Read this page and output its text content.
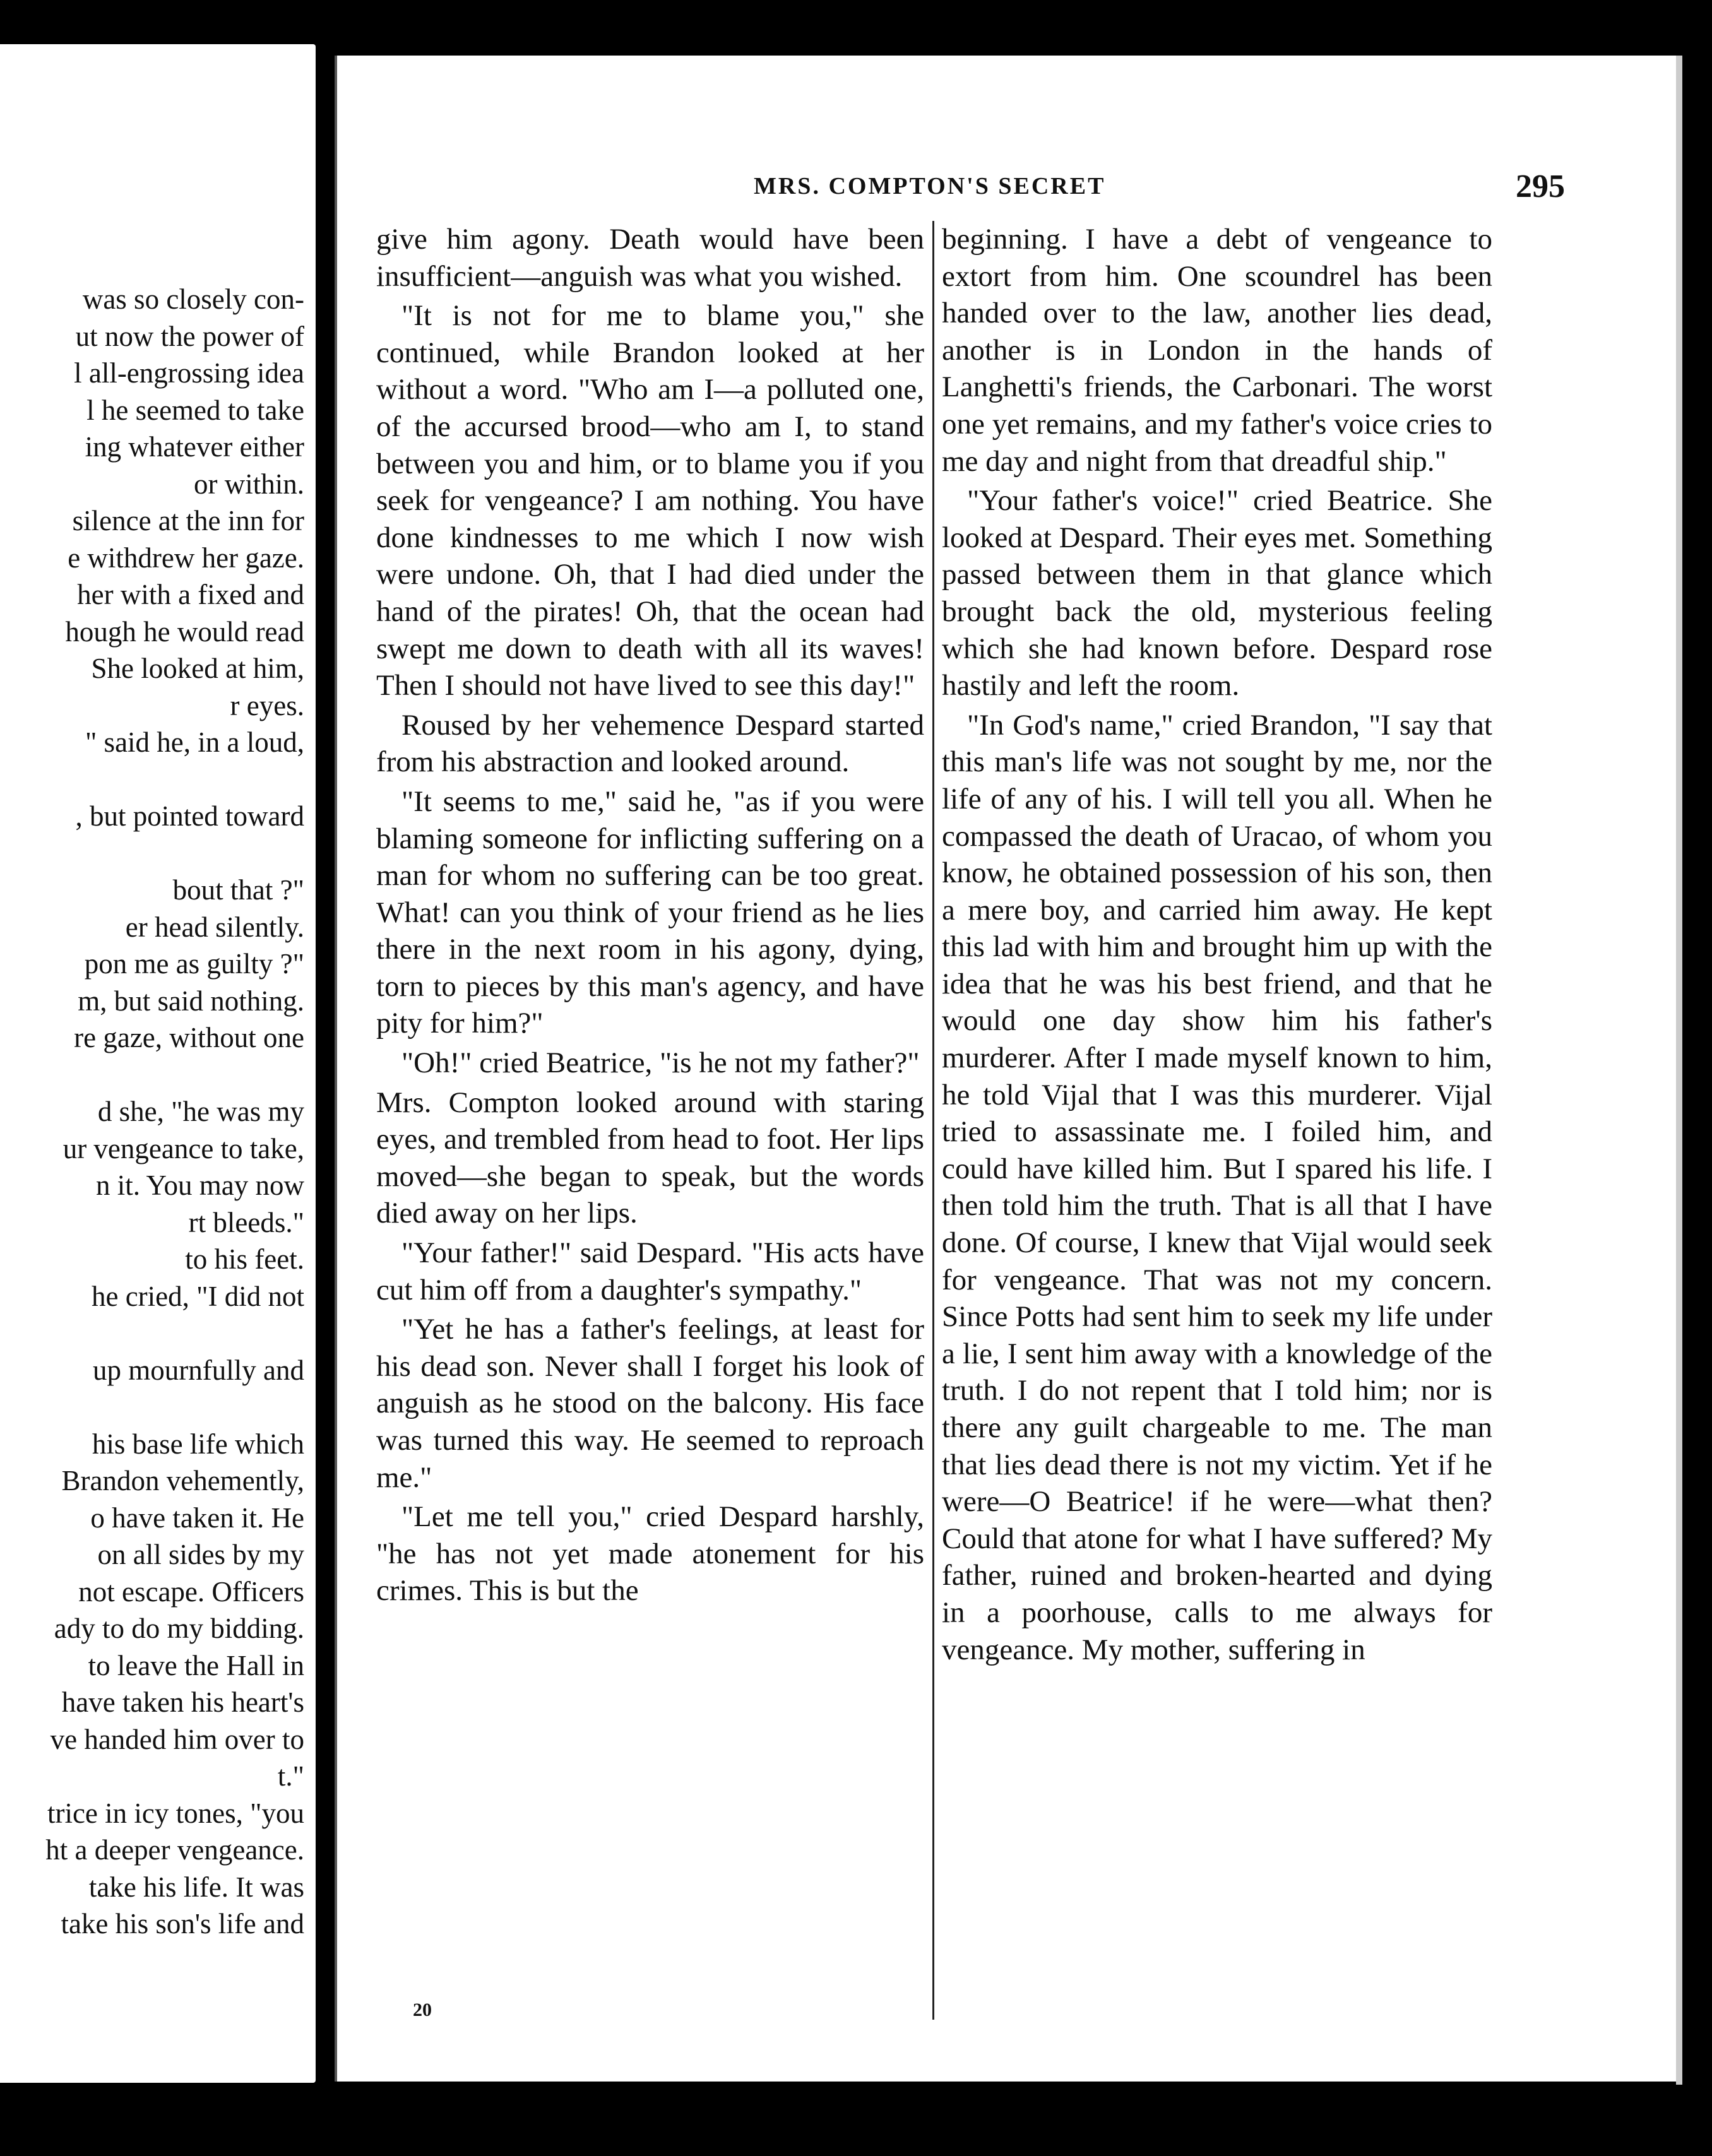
was so closely con-
ut now the power of
l all-engrossing idea
l he seemed to take
ing whatever either
or within.
silence at the inn for
e withdrew her gaze.
her with a fixed and
hough he would read
She looked at him,
r eyes.
" said he, in a loud,
, but pointed toward
bout that ?"
er head silently.
pon me as guilty ?"
m, but said nothing.
re gaze, without one
d she, "he was my
ur vengeance to take,
n it. You may now
rt bleeds."
to his feet.
he cried, "I did not
up mournfully and
his base life which
Brandon vehemently,
o have taken it. He
on all sides by my
not escape. Officers
ady to do my bidding.
to leave the Hall in
have taken his heart's
ve handed him over to
t."
trice in icy tones, "you
ht a deeper vengeance.
take his life. It was
take his son's life and
MRS. COMPTON'S SECRET	295

give him agony. Death would have been insufficient—anguish was what you wished.

"It is not for me to blame you," she continued, while Brandon looked at her without a word. "Who am I—a polluted one, of the accursed brood—who am I, to stand between you and him, or to blame you if you seek for vengeance? I am nothing. You have done kindnesses to me which I now wish were undone. Oh, that I had died under the hand of the pirates! Oh, that the ocean had swept me down to death with all its waves! Then I should not have lived to see this day!"

Roused by her vehemence Despard started from his abstraction and looked around.

"It seems to me," said he, "as if you were blaming someone for inflicting suffering on a man for whom no suffering can be too great. What! can you think of your friend as he lies there in the next room in his agony, dying, torn to pieces by this man's agency, and have pity for him?"

"Oh!" cried Beatrice, "is he not my father?"

Mrs. Compton looked around with staring eyes, and trembled from head to foot. Her lips moved—she began to speak, but the words died away on her lips.

"Your father!" said Despard. "His acts have cut him off from a daughter's sympathy."

"Yet he has a father's feelings, at least for his dead son. Never shall I forget his look of anguish as he stood on the balcony. His face was turned this way. He seemed to reproach me."

"Let me tell you," cried Despard harshly, "he has not yet made atonement for his crimes. This is but the

beginning. I have a debt of vengeance to extort from him. One scoundrel has been handed over to the law, another lies dead, another is in London in the hands of Langhetti's friends, the Carbonari. The worst one yet remains, and my father's voice cries to me day and night from that dreadful ship."

"Your father's voice!" cried Beatrice. She looked at Despard. Their eyes met. Something passed between them in that glance which brought back the old, mysterious feeling which she had known before. Despard rose hastily and left the room.

"In God's name," cried Brandon, "I say that this man's life was not sought by me, nor the life of any of his. I will tell you all. When he compassed the death of Uracao, of whom you know, he obtained possession of his son, then a mere boy, and carried him away. He kept this lad with him and brought him up with the idea that he was his best friend, and that he would one day show him his father's murderer. After I made myself known to him, he told Vijal that I was this murderer. Vijal tried to assassinate me. I foiled him, and could have killed him. But I spared his life. I then told him the truth. That is all that I have done. Of course, I knew that Vijal would seek for vengeance. That was not my concern. Since Potts had sent him to seek my life under a lie, I sent him away with a knowledge of the truth. I do not repent that I told him; nor is there any guilt chargeable to me. The man that lies dead there is not my victim. Yet if he were—O Beatrice! if he were—what then? Could that atone for what I have suffered? My father, ruined and broken-hearted and dying in a poorhouse, calls to me always for vengeance. My mother, suffering in

20
